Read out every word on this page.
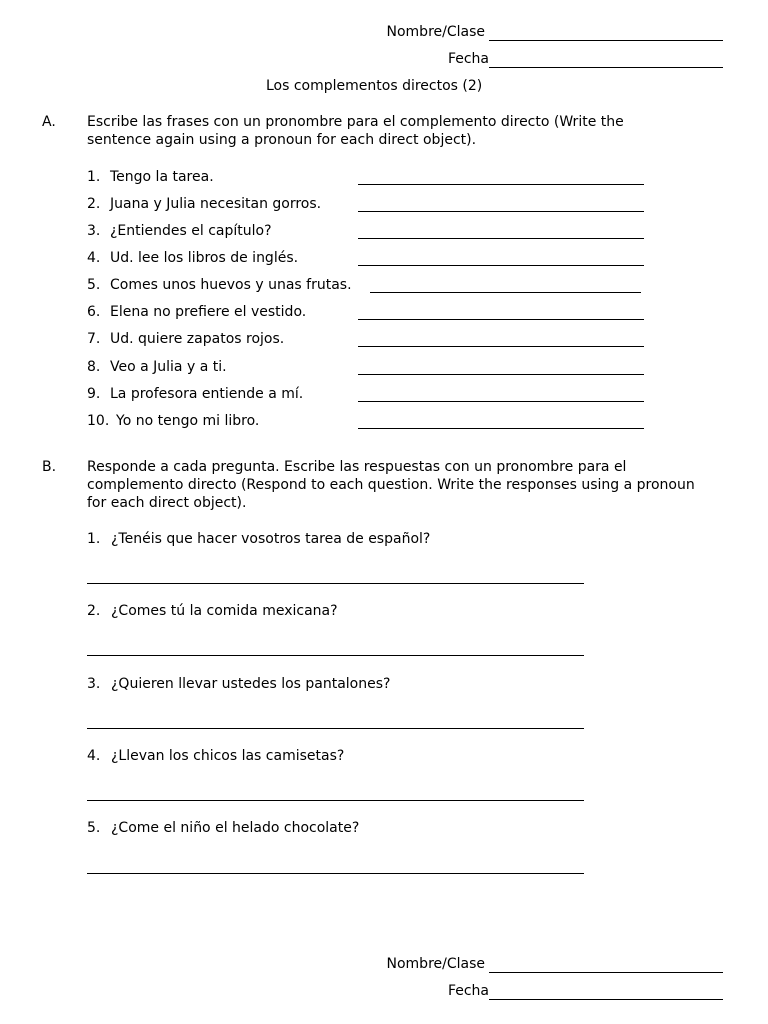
Nombre/Clase
Fecha
Los complementos directos (2)
A. Escribe las frases con un pronombre para el complemento directo (Write the sentence again using a pronoun for each direct object).
1. Tengo la tarea.
2. Juana y Julia necesitan gorros.
3. ¿Entiendes el capítulo?
4. Ud. lee los libros de inglés.
5. Comes unos huevos y unas frutas.
6. Elena no prefiere el vestido.
7. Ud. quiere zapatos rojos.
8. Veo a Julia y a ti.
9. La profesora entiende a mí.
10. Yo no tengo mi libro.
B. Responde a cada pregunta. Escribe las respuestas con un pronombre para el complemento directo (Respond to each question. Write the responses using a pronoun for each direct object).
1. ¿Tenéis que hacer vosotros tarea de español?
2. ¿Comes tú la comida mexicana?
3. ¿Quieren llevar ustedes los pantalones?
4. ¿Llevan los chicos las camisetas?
5. ¿Come el niño el helado chocolate?
Nombre/Clase
Fecha
